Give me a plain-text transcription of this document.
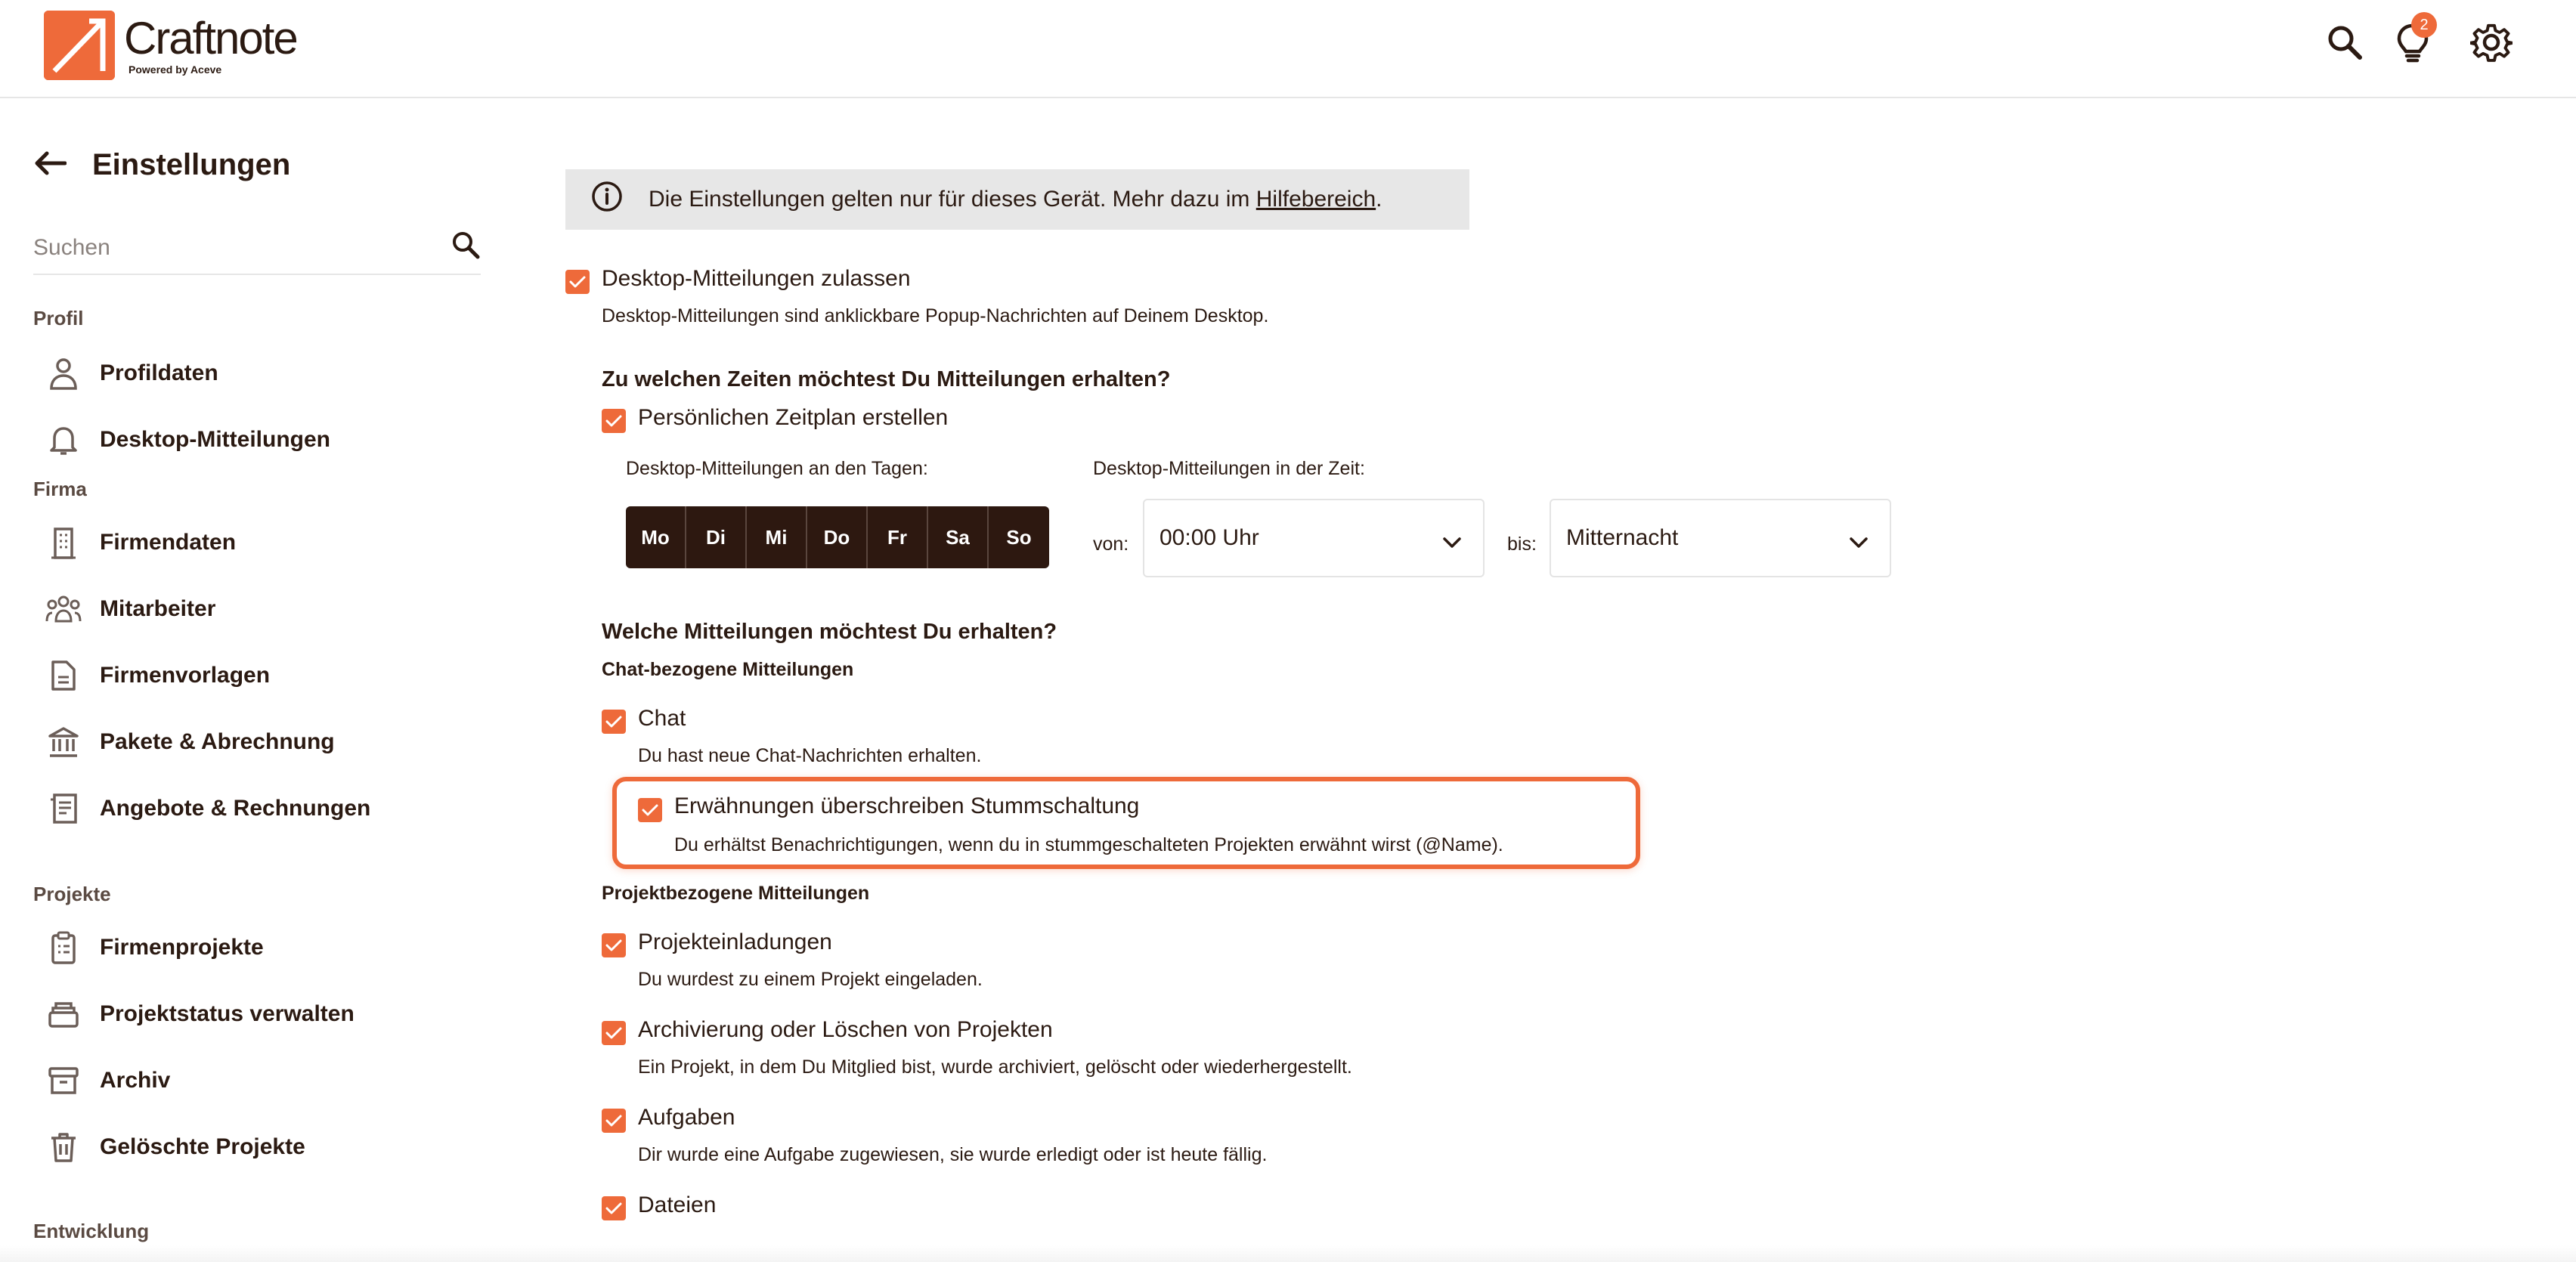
Craftnote
Powered by Aceve
2
Einstellungen
Suchen
Profil
Profildaten
Desktop-Mitteilungen
Firma
Firmendaten
Mitarbeiter
Firmenvorlagen
Pakete & Abrechnung
Angebote & Rechnungen
Projekte
Firmenprojekte
Projektstatus verwalten
Archiv
Gelöschte Projekte
Entwicklung
Die Einstellungen gelten nur für dieses Gerät. Mehr dazu im Hilfebereich.
Desktop-Mitteilungen zulassen
Desktop-Mitteilungen sind anklickbare Popup-Nachrichten auf Deinem Desktop.
Zu welchen Zeiten möchtest Du Mitteilungen erhalten?
Persönlichen Zeitplan erstellen
Desktop-Mitteilungen an den Tagen:	Desktop-Mitteilungen in der Zeit:
Mo	Di	Mi	Do	Fr	Sa	So	von: 00:00 Uhr	bis: Mitternacht
Welche Mitteilungen möchtest Du erhalten?
Chat-bezogene Mitteilungen
Chat
Du hast neue Chat-Nachrichten erhalten.
Erwähnungen überschreiben Stummschaltung
Du erhältst Benachrichtigungen, wenn du in stummgeschalteten Projekten erwähnt wirst (@Name).
Projektbezogene Mitteilungen
Projekteinladungen
Du wurdest zu einem Projekt eingeladen.
Archivierung oder Löschen von Projekten
Ein Projekt, in dem Du Mitglied bist, wurde archiviert, gelöscht oder wiederhergestellt.
Aufgaben
Dir wurde eine Aufgabe zugewiesen, sie wurde erledigt oder ist heute fällig.
Dateien
